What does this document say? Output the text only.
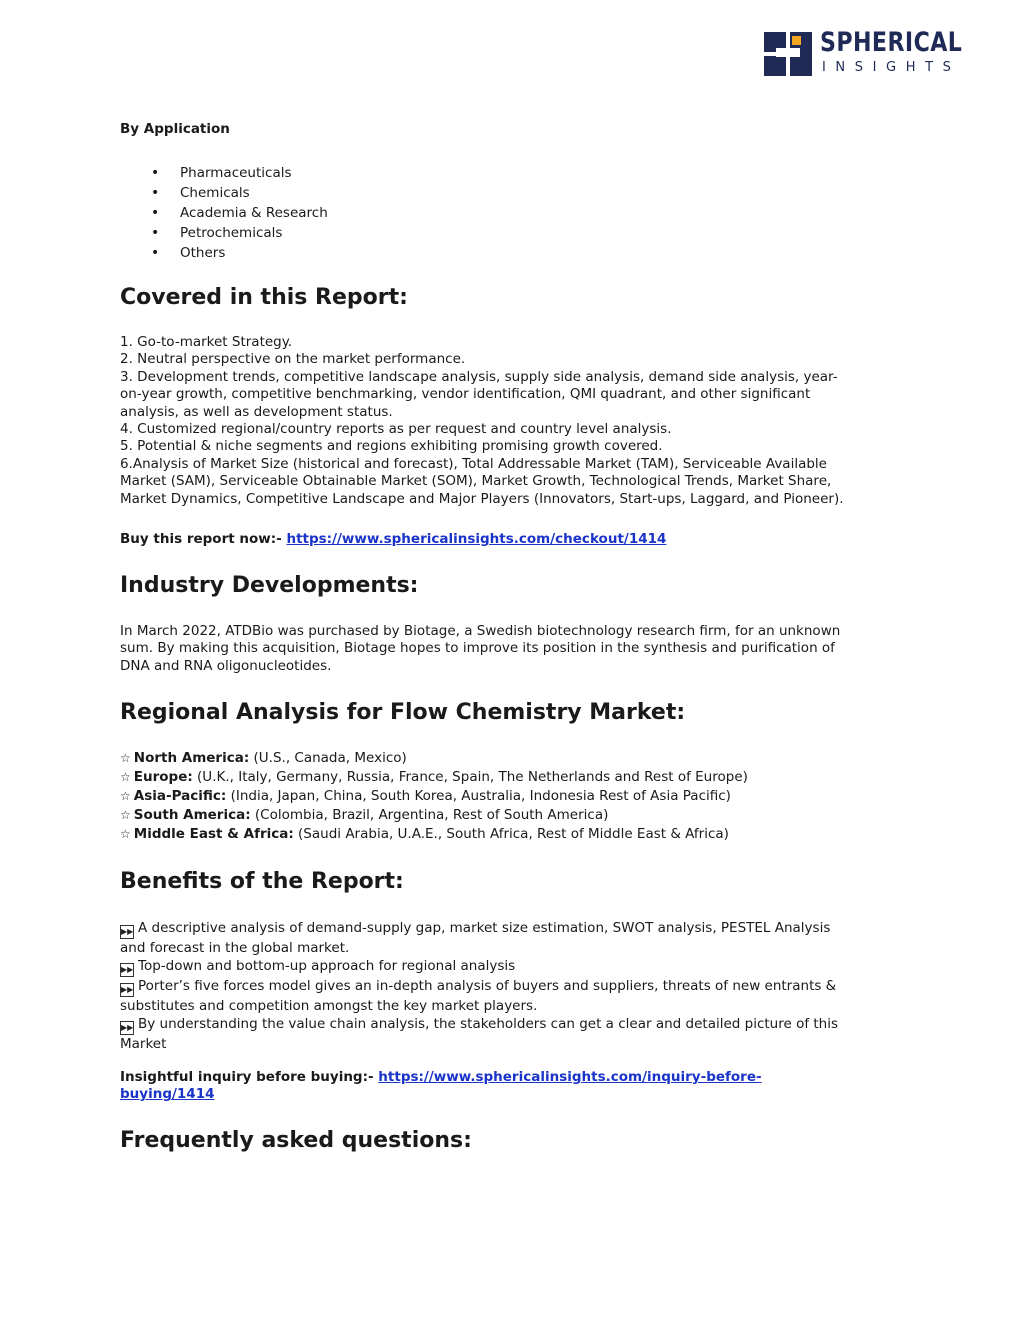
SPHERICAL
INSIGHTS
By Application
• Pharmaceuticals
• Chemicals
• Academia & Research
• Petrochemicals
• Others
Covered in this Report:
1. Go-to-market Strategy.
2. Neutral perspective on the market performance.
3. Development trends, competitive landscape analysis, supply side analysis, demand side analysis, year-
on-year growth, competitive benchmarking, vendor identification, QMI quadrant, and other significant
analysis, as well as development status.
4. Customized regional/country reports as per request and country level analysis.
5. Potential & niche segments and regions exhibiting promising growth covered.
6.Analysis of Market Size (historical and forecast), Total Addressable Market (TAM), Serviceable Available
Market (SAM), Serviceable Obtainable Market (SOM), Market Growth, Technological Trends, Market Share,
Market Dynamics, Competitive Landscape and Major Players (Innovators, Start-ups, Laggard, and Pioneer).
Buy this report now:- https://www.sphericalinsights.com/checkout/1414
Industry Developments:
In March 2022, ATDBio was purchased by Biotage, a Swedish biotechnology research firm, for an unknown
sum. By making this acquisition, Biotage hopes to improve its position in the synthesis and purification of
DNA and RNA oligonucleotides.
Regional Analysis for Flow Chemistry Market:
☆ North America: (U.S., Canada, Mexico)
☆ Europe: (U.K., Italy, Germany, Russia, France, Spain, The Netherlands and Rest of Europe)
☆ Asia-Pacific: (India, Japan, China, South Korea, Australia, Indonesia Rest of Asia Pacific)
☆ South America: (Colombia, Brazil, Argentina, Rest of South America)
☆ Middle East & Africa: (Saudi Arabia, U.A.E., South Africa, Rest of Middle East & Africa)
Benefits of the Report:
▶▶ A descriptive analysis of demand-supply gap, market size estimation, SWOT analysis, PESTEL Analysis
and forecast in the global market.
▶▶ Top-down and bottom-up approach for regional analysis
▶▶ Porter’s five forces model gives an in-depth analysis of buyers and suppliers, threats of new entrants &
substitutes and competition amongst the key market players.
▶▶ By understanding the value chain analysis, the stakeholders can get a clear and detailed picture of this
Market
Insightful inquiry before buying:- https://www.sphericalinsights.com/inquiry-before-
buying/1414
Frequently asked questions:
